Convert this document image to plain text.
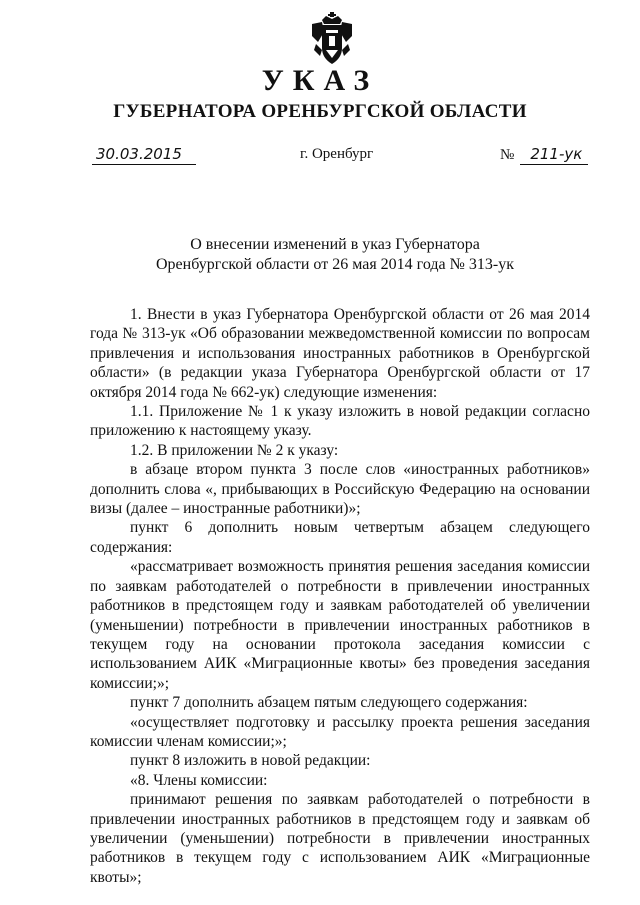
УКАЗ
ГУБЕРНАТОРА ОРЕНБУРГСКОЙ ОБЛАСТИ
30.03.2015	г. Оренбург	№ 211-ук
О внесении изменений в указ Губернатора
Оренбургской области от 26 мая 2014 года № 313-ук

1. Внести в указ Губернатора Оренбургской области от 26 мая 2014 года № 313-ук «Об образовании межведомственной комиссии по вопросам привлечения и использования иностранных работников в Оренбургской области» (в редакции указа Губернатора Оренбургской области от 17 октября 2014 года № 662-ук) следующие изменения:

1.1. Приложение № 1 к указу изложить в новой редакции согласно приложению к настоящему указу.

1.2. В приложении № 2 к указу:

в абзаце втором пункта 3 после слов «иностранных работников» дополнить слова «, прибывающих в Российскую Федерацию на основании визы (далее – иностранные работники)»;

пункт 6 дополнить новым четвертым абзацем следующего содержания:

«рассматривает возможность принятия решения заседания комиссии по заявкам работодателей о потребности в привлечении иностранных работников в предстоящем году и заявкам работодателей об увеличении (уменьшении) потребности в привлечении иностранных работников в текущем году на основании протокола заседания комиссии с использованием АИК «Миграционные квоты» без проведения заседания комиссии;»;

пункт 7 дополнить абзацем пятым следующего содержания:

«осуществляет подготовку и рассылку проекта решения заседания комиссии членам комиссии;»;

пункт 8 изложить в новой редакции:

«8. Члены комиссии:

принимают решения по заявкам работодателей о потребности в привлечении иностранных работников в предстоящем году и заявкам об увеличении (уменьшении) потребности в привлечении иностранных работников в текущем году с использованием АИК «Миграционные квоты»;
